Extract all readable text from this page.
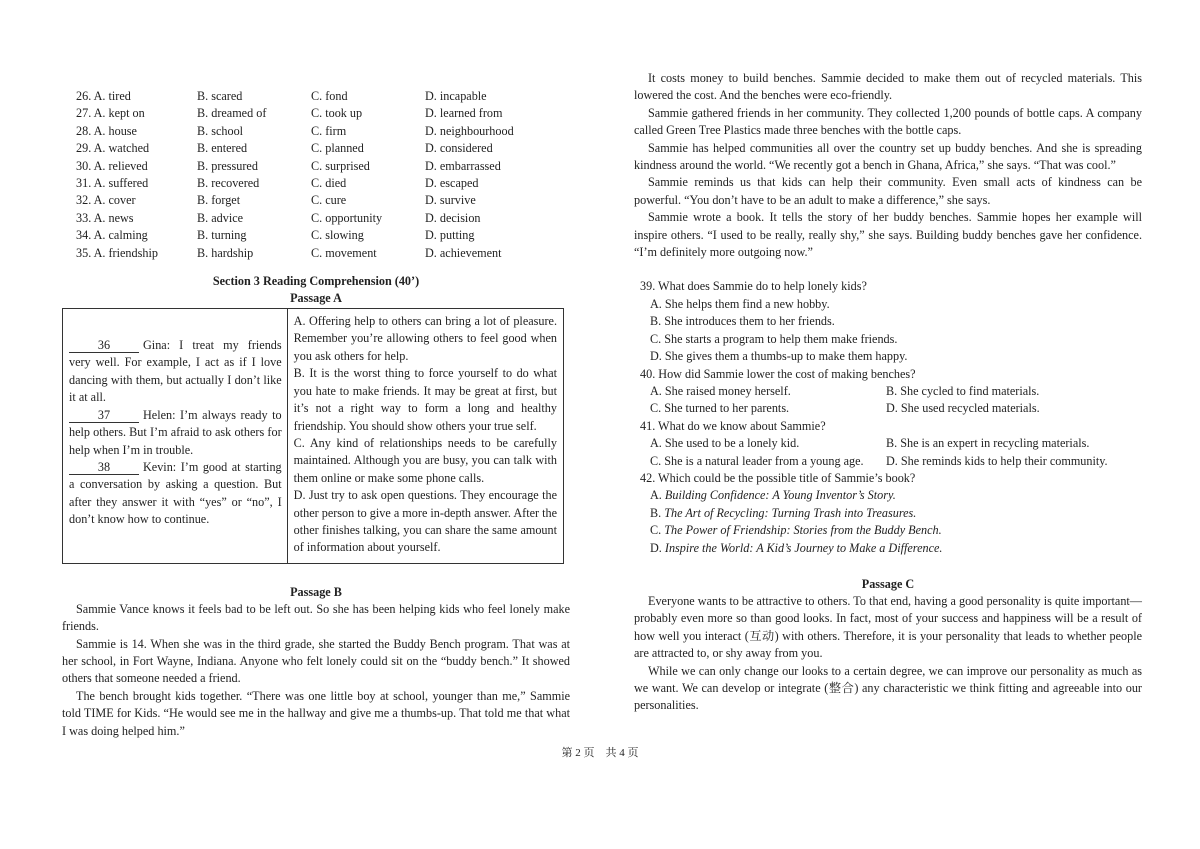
26. A. tired	B. scared	C. fond	D. incapable
27. A. kept on	B. dreamed of	C. took up	D. learned from
28. A. house	B. school	C. firm	D. neighbourhood
29. A. watched	B. entered	C. planned	D. considered
30. A. relieved	B. pressured	C. surprised	D. embarrassed
31. A. suffered	B. recovered	C. died	D. escaped
32. A. cover	B. forget	C. cure	D. survive
33. A. news	B. advice	C. opportunity	D. decision
34. A. calming	B. turning	C. slowing	D. putting
35. A. friendship	B. hardship	C. movement	D. achievement
Section 3 Reading Comprehension (40’)
Passage A
36	Gina: I treat my friends very well. For example, I act as if I love dancing with them, but actually I don’t like it at all.
37	Helen: I’m always ready to help others. But I’m afraid to ask others for help when I’m in trouble.
38	Kevin: I’m good at starting a conversation by asking a question. But after they answer it with “yes” or “no”, I don’t know how to continue.
A. Offering help to others can bring a lot of pleasure. Remember you’re allowing others to feel good when you ask others for help.
B. It is the worst thing to force yourself to do what you hate to make friends. It may be great at first, but it’s not a right way to form a long and healthy friendship. You should show others your true self.
C. Any kind of relationships needs to be carefully maintained. Although you are busy, you can talk with them online or make some phone calls.
D. Just try to ask open questions. They encourage the other person to give a more in-depth answer. After the other finishes talking, you can share the same amount of information about yourself.
Passage B

Sammie Vance knows it feels bad to be left out. So she has been helping kids who feel lonely make friends.

Sammie is 14. When she was in the third grade, she started the Buddy Bench program. That was at her school, in Fort Wayne, Indiana. Anyone who felt lonely could sit on the “buddy bench.” It showed others that someone needed a friend.

The bench brought kids together. “There was one little boy at school, younger than me,” Sammie told TIME for Kids. “He would see me in the hallway and give me a thumbs-up. That told me that what I was doing helped him.”

It costs money to build benches. Sammie decided to make them out of recycled materials. This lowered the cost. And the benches were eco-friendly.

Sammie gathered friends in her community. They collected 1,200 pounds of bottle caps. A company called Green Tree Plastics made three benches with the bottle caps.

Sammie has helped communities all over the country set up buddy benches. And she is spreading kindness around the world. “We recently got a bench in Ghana, Africa,” she says. “That was cool.”

Sammie reminds us that kids can help their community. Even small acts of kindness can be powerful. “You don’t have to be an adult to make a difference,” she says.

Sammie wrote a book. It tells the story of her buddy benches. Sammie hopes her example will inspire others. “I used to be really, really shy,” she says. Building buddy benches gave her confidence. “I’m definitely more outgoing now.”

39. What does Sammie do to help lonely kids?
A. She helps them find a new hobby.
B. She introduces them to her friends.
C. She starts a program to help them make friends.
D. She gives them a thumbs-up to make them happy.
40. How did Sammie lower the cost of making benches?
A. She raised money herself.	B. She cycled to find materials.
C. She turned to her parents.	D. She used recycled materials.
41. What do we know about Sammie?
A. She used to be a lonely kid.	B. She is an expert in recycling materials.
C. She is a natural leader from a young age.	D. She reminds kids to help their community.
42. Which could be the possible title of Sammie’s book?
A. Building Confidence: A Young Inventor’s Story.
B. The Art of Recycling: Turning Trash into Treasures.
C. The Power of Friendship: Stories from the Buddy Bench.
D. Inspire the World: A Kid’s Journey to Make a Difference.
Passage C

Everyone wants to be attractive to others. To that end, having a good personality is quite important—probably even more so than good looks. In fact, most of your success and happiness will be a result of how well you interact (互动) with others. Therefore, it is your personality that leads to whether people are attracted to, or shy away from you.

While we can only change our looks to a certain degree, we can improve our personality as much as we want. We can develop or integrate (整合) any characteristic we think fitting and agreeable into our personalities.

第 2 页　共 4 页
